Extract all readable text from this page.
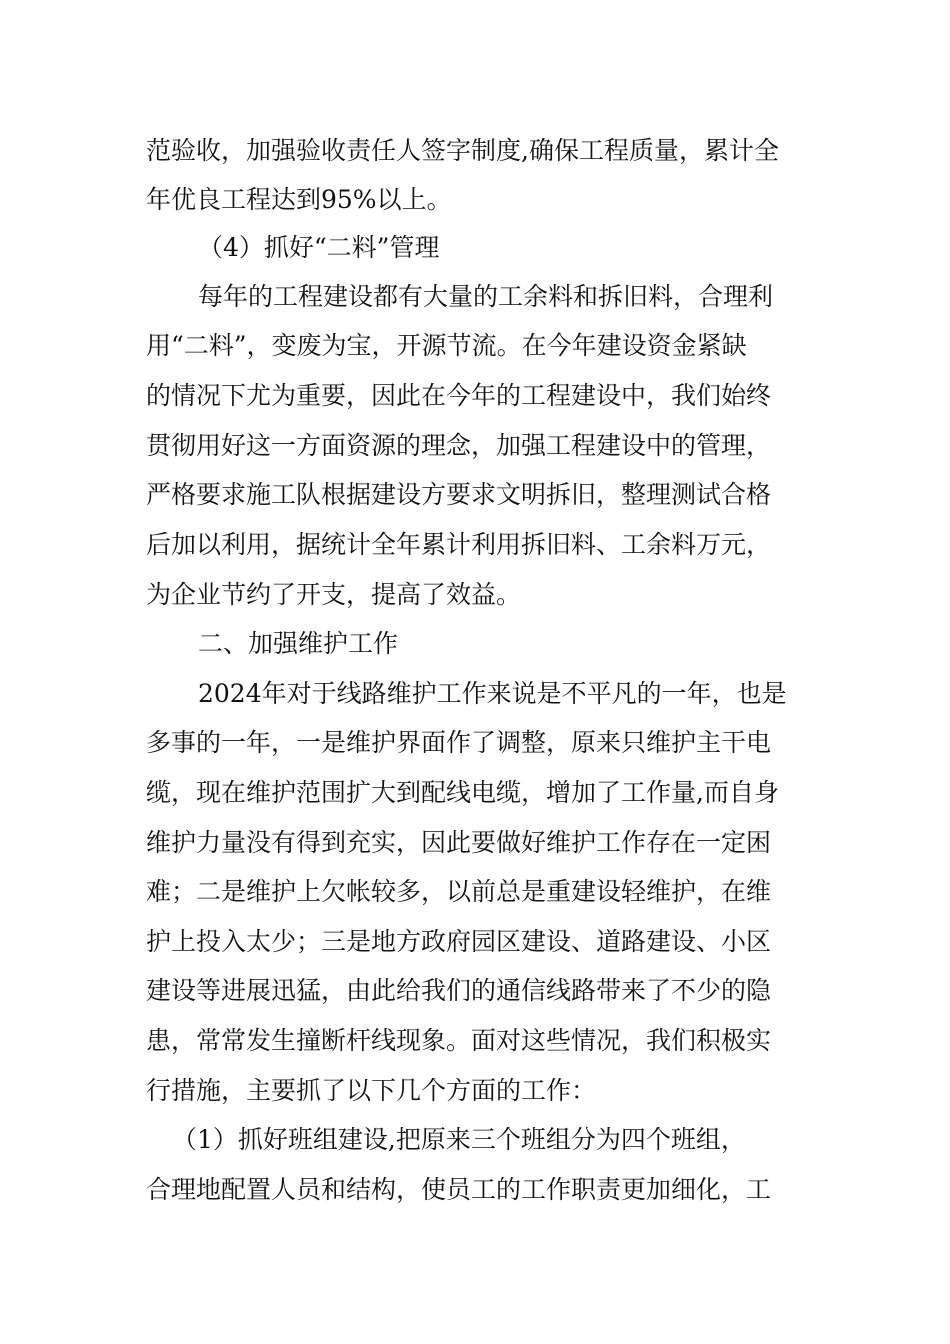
范验收，加强验收责任人签字制度,确保工程质量，累计全
年优良工程达到95%以上。
（4）抓好“二料”管理
每年的工程建设都有大量的工余料和拆旧料，合理利
用“二料”，变废为宝，开源节流。在今年建设资金紧缺
的情况下尤为重要，因此在今年的工程建设中，我们始终
贯彻用好这一方面资源的理念，加强工程建设中的管理，
严格要求施工队根据建设方要求文明拆旧，整理测试合格
后加以利用，据统计全年累计利用拆旧料、工余料万元，
为企业节约了开支，提高了效益。
二、加强维护工作
2024年对于线路维护工作来说是不平凡的一年，也是
多事的一年，一是维护界面作了调整，原来只维护主干电
缆，现在维护范围扩大到配线电缆，增加了工作量,而自身
维护力量没有得到充实，因此要做好维护工作存在一定困
难；二是维护上欠帐较多，以前总是重建设轻维护，在维
护上投入太少；三是地方政府园区建设、道路建设、小区
建设等进展迅猛，由此给我们的通信线路带来了不少的隐
患，常常发生撞断杆线现象。面对这些情况，我们积极实
行措施，主要抓了以下几个方面的工作：
（1）抓好班组建设,把原来三个班组分为四个班组，
合理地配置人员和结构，使员工的工作职责更加细化，工
